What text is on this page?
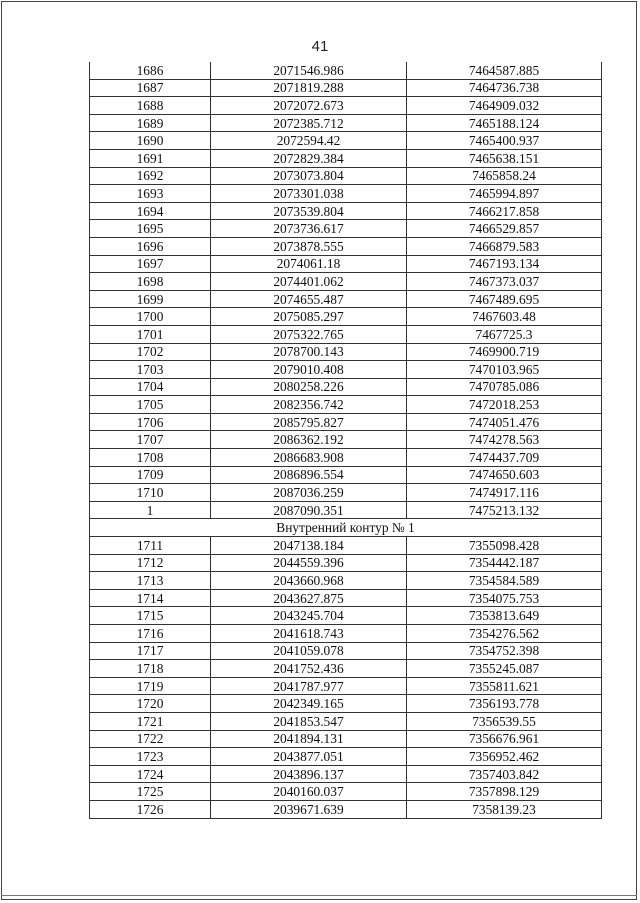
41
1686	2071546.986	7464587.885
1687	2071819.288	7464736.738
1688	2072072.673	7464909.032
1689	2072385.712	7465188.124
1690	2072594.42	7465400.937
1691	2072829.384	7465638.151
1692	2073073.804	7465858.24
1693	2073301.038	7465994.897
1694	2073539.804	7466217.858
1695	2073736.617	7466529.857
1696	2073878.555	7466879.583
1697	2074061.18	7467193.134
1698	2074401.062	7467373.037
1699	2074655.487	7467489.695
1700	2075085.297	7467603.48
1701	2075322.765	7467725.3
1702	2078700.143	7469900.719
1703	2079010.408	7470103.965
1704	2080258.226	7470785.086
1705	2082356.742	7472018.253
1706	2085795.827	7474051.476
1707	2086362.192	7474278.563
1708	2086683.908	7474437.709
1709	2086896.554	7474650.603
1710	2087036.259	7474917.116
1	2087090.351	7475213.132
Внутренний контур № 1		
1711	2047138.184	7355098.428
1712	2044559.396	7354442.187
1713	2043660.968	7354584.589
1714	2043627.875	7354075.753
1715	2043245.704	7353813.649
1716	2041618.743	7354276.562
1717	2041059.078	7354752.398
1718	2041752.436	7355245.087
1719	2041787.977	7355811.621
1720	2042349.165	7356193.778
1721	2041853.547	7356539.55
1722	2041894.131	7356676.961
1723	2043877.051	7356952.462
1724	2043896.137	7357403.842
1725	2040160.037	7357898.129
1726	2039671.639	7358139.23
